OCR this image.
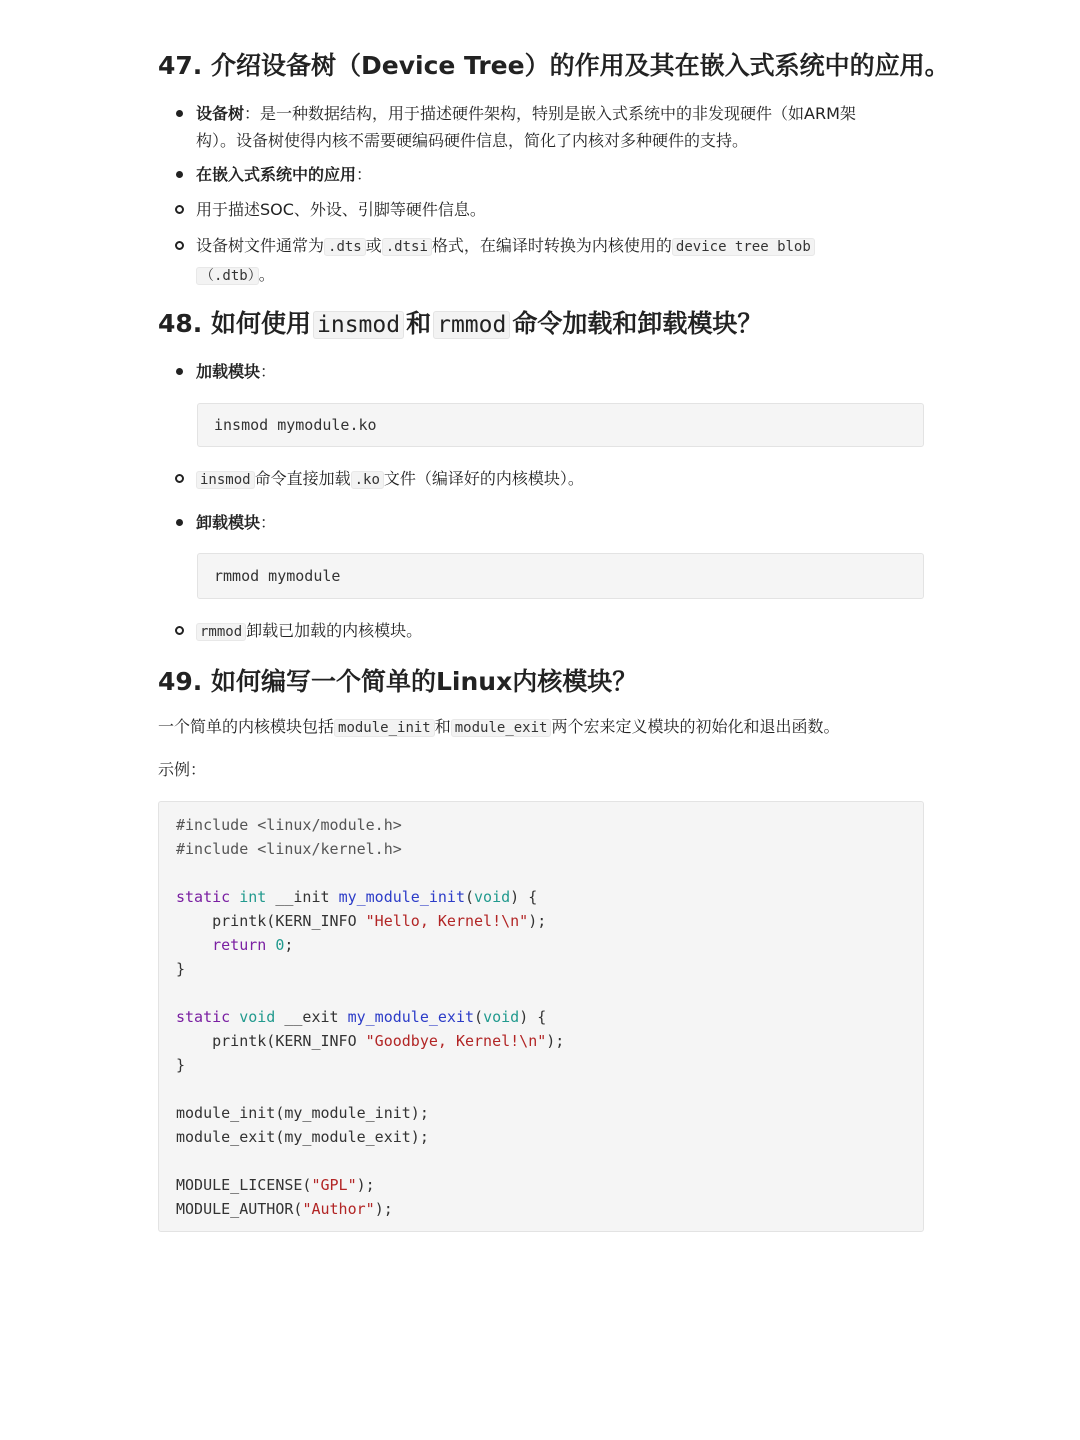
47. 介绍设备树（Device Tree）的作用及其在嵌入式系统中的应用。
设备树：是一种数据结构，用于描述硬件架构，特别是嵌入式系统中的非发现硬件（如ARM架构）。设备树使得内核不需要硬编码硬件信息，简化了内核对多种硬件的支持。
在嵌入式系统中的应用：
用于描述SOC、外设、引脚等硬件信息。
设备树文件通常为 .dts 或 .dtsi 格式，在编译时转换为内核使用的 device tree blob （.dtb） 。
48. 如何使用 insmod 和 rmmod 命令加载和卸载模块？
加载模块：
insmod mymodule.ko
insmod 命令直接加载 .ko 文件（编译好的内核模块）。
卸载模块：
rmmod mymodule
rmmod 卸载已加载的内核模块。
49. 如何编写一个简单的Linux内核模块？

一个简单的内核模块包括 module_init 和 module_exit 两个宏来定义模块的初始化和退出函数。

示例：

#include <linux/module.h>
#include <linux/kernel.h>

static int __init my_module_init(void) {
printk(KERN_INFO "Hello, Kernel!\n");
return 0;
}

static void __exit my_module_exit(void) {
printk(KERN_INFO "Goodbye, Kernel!\n");
}

module_init(my_module_init);
module_exit(my_module_exit);

MODULE_LICENSE("GPL");
MODULE_AUTHOR("Author");
